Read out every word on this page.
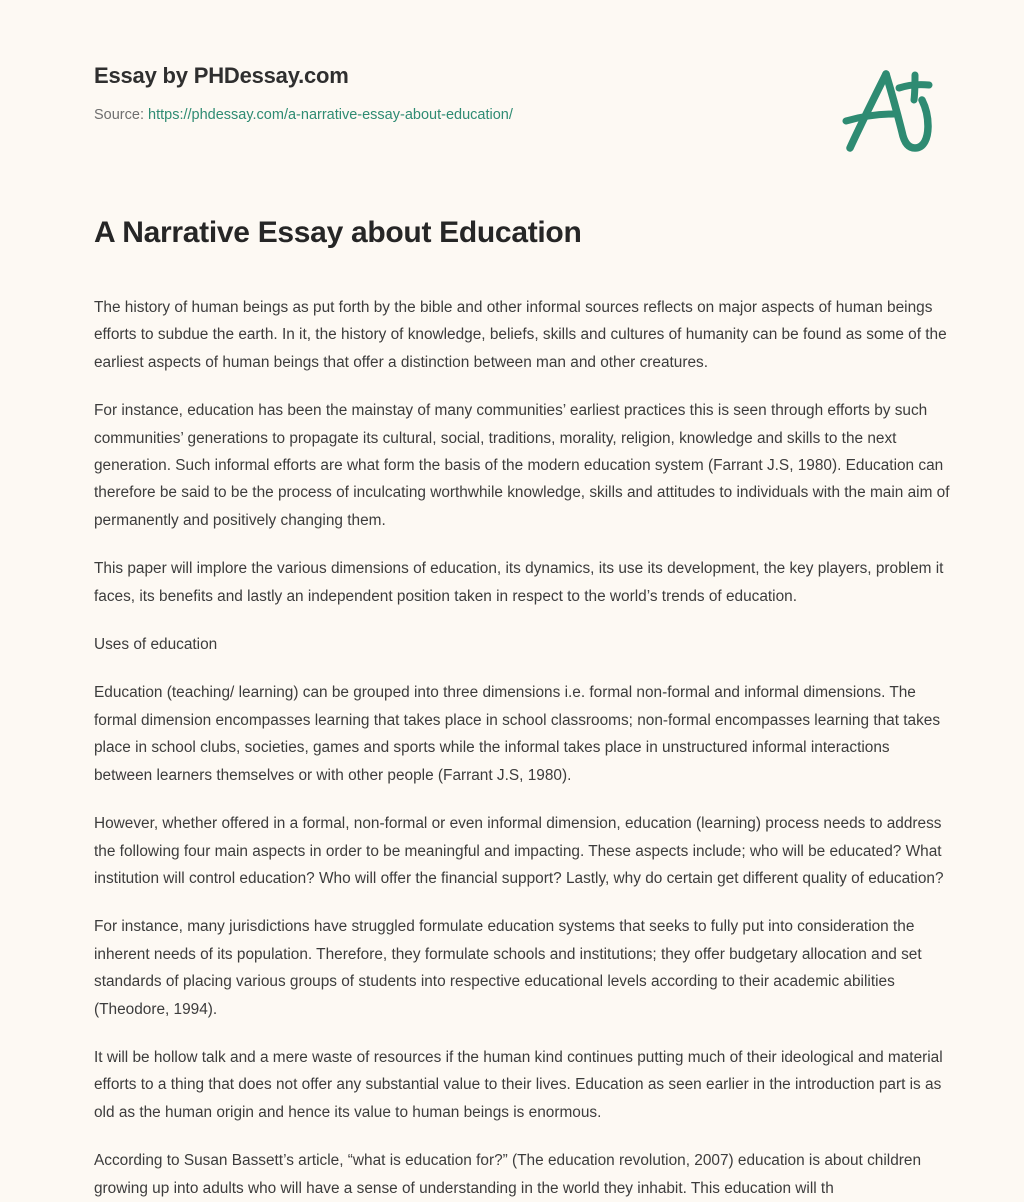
Essay by PHDessay.com
Source: https://phdessay.com/a-narrative-essay-about-education/
A Narrative Essay about Education

The history of human beings as put forth by the bible and other informal sources reflects on major aspects of human beings efforts to subdue the earth. In it, the history of knowledge, beliefs, skills and cultures of humanity can be found as some of the earliest aspects of human beings that offer a distinction between man and other creatures.

For instance, education has been the mainstay of many communities’ earliest practices this is seen through efforts by such communities’ generations to propagate its cultural, social, traditions, morality, religion, knowledge and skills to the next generation. Such informal efforts are what form the basis of the modern education system (Farrant J.S, 1980). Education can therefore be said to be the process of inculcating worthwhile knowledge, skills and attitudes to individuals with the main aim of permanently and positively changing them.

This paper will implore the various dimensions of education, its dynamics, its use its development, the key players, problem it faces, its benefits and lastly an independent position taken in respect to the world’s trends of education.

Uses of education

Education (teaching/ learning) can be grouped into three dimensions i.e. formal non-formal and informal dimensions. The formal dimension encompasses learning that takes place in school classrooms; non-formal encompasses learning that takes place in school clubs, societies, games and sports while the informal takes place in unstructured informal interactions between learners themselves or with other people (Farrant J.S, 1980).

However, whether offered in a formal, non-formal or even informal dimension, education (learning) process needs to address the following four main aspects in order to be meaningful and impacting. These aspects include; who will be educated? What institution will control education? Who will offer the financial support? Lastly, why do certain get different quality of education?

For instance, many jurisdictions have struggled formulate education systems that seeks to fully put into consideration the inherent needs of its population. Therefore, they formulate schools and institutions; they offer budgetary allocation and set standards of placing various groups of students into respective educational levels according to their academic abilities (Theodore, 1994).

It will be hollow talk and a mere waste of resources if the human kind continues putting much of their ideological and material efforts to a thing that does not offer any substantial value to their lives. Education as seen earlier in the introduction part is as old as the human origin and hence its value to human beings is enormous.

According to Susan Bassett’s article, “what is education for?” (The education revolution, 2007) education is about children growing up into adults who will have a sense of understanding in the world they inhabit. This education will th
